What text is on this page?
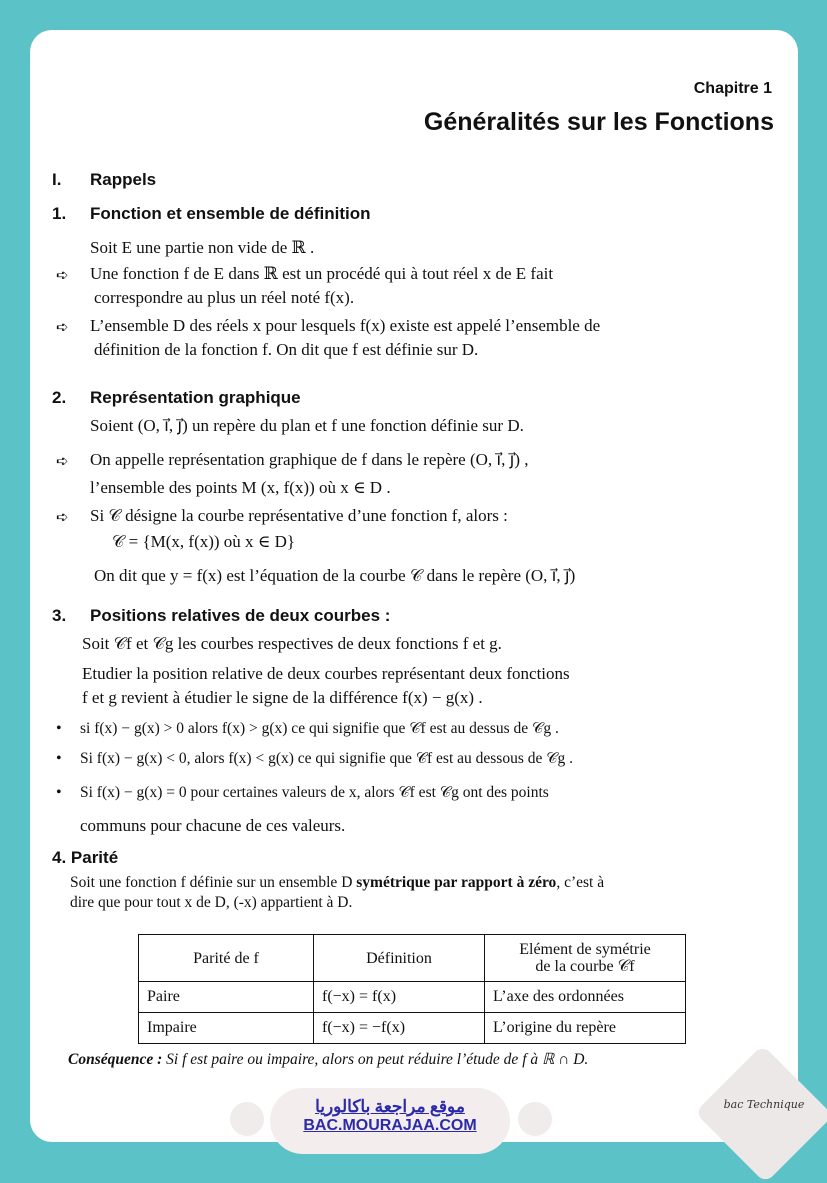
Chapitre 1
Généralités sur les Fonctions
I. Rappels
1. Fonction et ensemble de définition
Soit E une partie non vide de ℝ .
➪ Une fonction f de E dans ℝ est un procédé qui à tout réel x de E fait
correspondre au plus un réel noté f(x).
➪ L’ensemble D des réels x pour lesquels f(x) existe est appelé l’ensemble de
définition de la fonction f. On dit que f est définie sur D.
2. Représentation graphique
Soient (O, i⃗, j⃗) un repère du plan et f une fonction définie sur D.
➪ On appelle représentation graphique de f dans le repère (O, i⃗, j⃗) ,
l’ensemble des points M (x, f(x)) où x ∈ D .
➪ Si 𝒞 désigne la courbe représentative d’une fonction f, alors :
𝒞 = {M(x, f(x)) où x ∈ D}
On dit que y = f(x) est l’équation de la courbe 𝒞 dans le repère (O, i⃗, j⃗)
3. Positions relatives de deux courbes :
Soit 𝒞f et 𝒞g les courbes respectives de deux fonctions f et g.
Etudier la position relative de deux courbes représentant deux fonctions
f et g revient à étudier le signe de la différence f(x) − g(x) .
• si f(x) − g(x) > 0 alors f(x) > g(x) ce qui signifie que 𝒞f est au dessus de 𝒞g .
• Si f(x) − g(x) < 0, alors f(x) < g(x) ce qui signifie que 𝒞f est au dessous de 𝒞g .
• Si f(x) − g(x) = 0 pour certaines valeurs de x, alors 𝒞f est 𝒞g ont des points
communs pour chacune de ces valeurs.
4. Parité
Soit une fonction f définie sur un ensemble D symétrique par rapport à zéro, c’est à
dire que pour tout x de D, (-x) appartient à D.
Parité de f	Définition	Elément de symétrie
de la courbe 𝒞f

Paire	f(−x) = f(x)	L’axe des ordonnées
Impaire	f(−x) = −f(x)	L’origine du repère
Conséquence : Si f est paire ou impaire, alors on peut réduire l’étude de f à ℝ ∩ D.
موقع مراجعة باكالوريا
BAC.MOURAJAA.COM
bac Technique
